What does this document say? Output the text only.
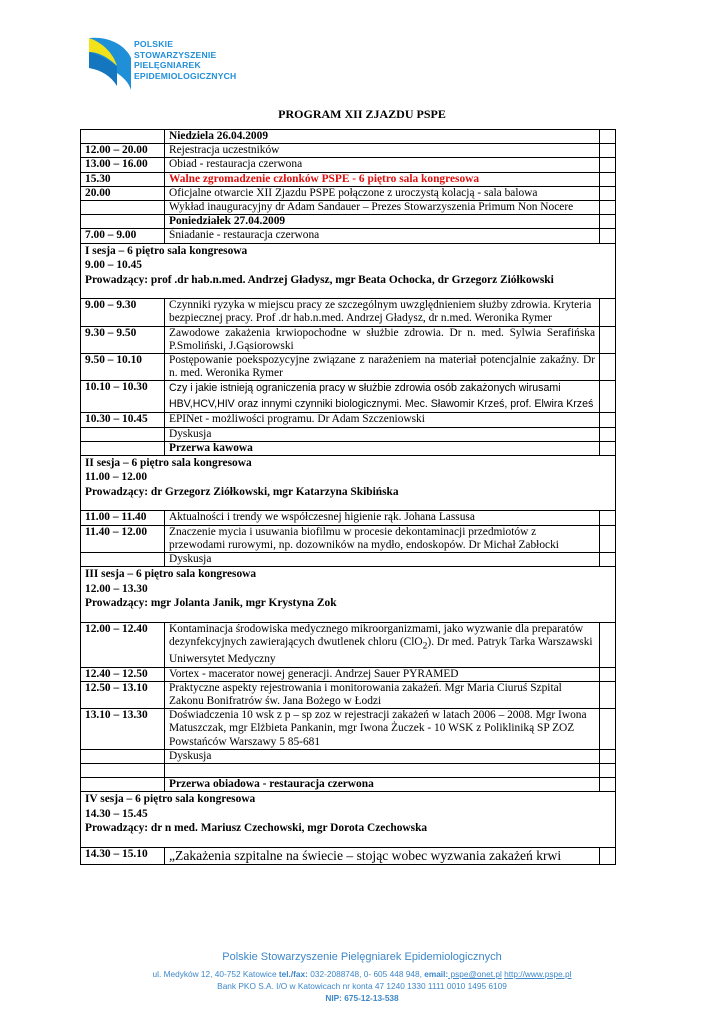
POLSKIE
STOWARZYSZENIE
PIELĘGNIAREK
EPIDEMIOLOGICZNYCH
PROGRAM XII ZJAZDU PSPE
	Niedziela 26.04.2009	
12.00 – 20.00	Rejestracja uczestników	
13.00 – 16.00	Obiad - restauracja czerwona	
15.30	Walne zgromadzenie członków PSPE - 6 piętro sala kongresowa	
20.00	Oficjalne otwarcie XII Zjazdu PSPE połączone z uroczystą kolacją - sala balowa	
	Wykład inauguracyjny dr Adam Sandauer – Prezes Stowarzyszenia Primum Non Nocere	
	Poniedziałek 27.04.2009	
7.00 – 9.00	Śniadanie - restauracja czerwona	

I sesja – 6 piętro sala kongresowa
9.00 – 10.45
Prowadzący: prof .dr hab.n.med. Andrzej Gładysz, mgr Beata Ochocka, dr Grzegorz Ziółkowski		

9.00 – 9.30	Czynniki ryzyka w miejscu pracy ze szczególnym uwzględnieniem służby zdrowia. Kryteria bezpiecznej pracy. Prof .dr hab.n.med. Andrzej Gładysz, dr n.med. Weronika Rymer	
9.30 – 9.50	Zawodowe zakażenia krwiopochodne w służbie zdrowia. Dr n. med. Sylwia Serafińska P.Smoliński, J.Gąsiorowski	
9.50 – 10.10	Postępowanie poekspozycyjne związane z narażeniem na materiał potencjalnie zakaźny. Dr n. med. Weronika Rymer	
10.10 – 10.30	Czy i jakie istnieją ograniczenia pracy w służbie zdrowia osób zakażonych wirusami HBV,HCV,HIV oraz innymi czynniki biologicznymi. Mec. Sławomir Krześ, prof. Elwira Krześ	
10.30 – 10.45	EPINet - możliwości programu. Dr Adam Szczeniowski	
	Dyskusja	
	Przerwa kawowa	

II sesja – 6 piętro sala kongresowa
11.00 – 12.00
Prowadzący: dr Grzegorz Ziółkowski, mgr Katarzyna Skibińska		

11.00 – 11.40	Aktualności i trendy we współczesnej higienie rąk. Johana Lassusa	
11.40 – 12.00	Znaczenie mycia i usuwania biofilmu w procesie dekontaminacji przedmiotów z przewodami rurowymi, np. dozowników na mydło, endoskopów. Dr Michał Zabłocki	
	Dyskusja	

III sesja – 6 piętro sala kongresowa
12.00 – 13.30
Prowadzący: mgr Jolanta Janik, mgr Krystyna Zok		

12.00 – 12.40	Kontaminacja środowiska medycznego mikroorganizmami, jako wyzwanie dla preparatów dezynfekcyjnych zawierających dwutlenek chloru (ClO$_2$). Dr med. Patryk Tarka Warszawski Uniwersytet Medyczny	
12.40 – 12.50	Vortex - macerator nowej generacji. Andrzej Sauer PYRAMED	
12.50 – 13.10	Praktyczne aspekty rejestrowania i monitorowania zakażeń. Mgr Maria Ciuruś Szpital Zakonu Bonifratrów św. Jana Bożego w Łodzi	
13.10 – 13.30	Doświadczenia 10 wsk z p – sp zoz w rejestracji zakażeń w latach 2006 – 2008. Mgr Iwona Matuszczak, mgr Elżbieta Pankanin, mgr Iwona Żuczek - 10 WSK z Polikliniką SP ZOZ Powstańców Warszawy 5 85-681	
	Dyskusja	

	Przerwa obiadowa - restauracja czerwona	

IV sesja – 6 piętro sala kongresowa
14.30 – 15.45
Prowadzący: dr n med. Mariusz Czechowski, mgr Dorota Czechowska		

14.30 – 15.10	„Zakażenia szpitalne na świecie – stojąc wobec wyzwania zakażeń krwi	
Polskie Stowarzyszenie Pielęgniarek Epidemiologicznych
ul. Medyków 12, 40-752 Katowice tel./fax: 032-2088748, 0- 605 448 948, email: pspe@onet.pl http://www.pspe.pl
Bank PKO S.A. I/O w Katowicach nr konta 47 1240 1330 1111 0010 1495 6109
NIP: 675-12-13-538
